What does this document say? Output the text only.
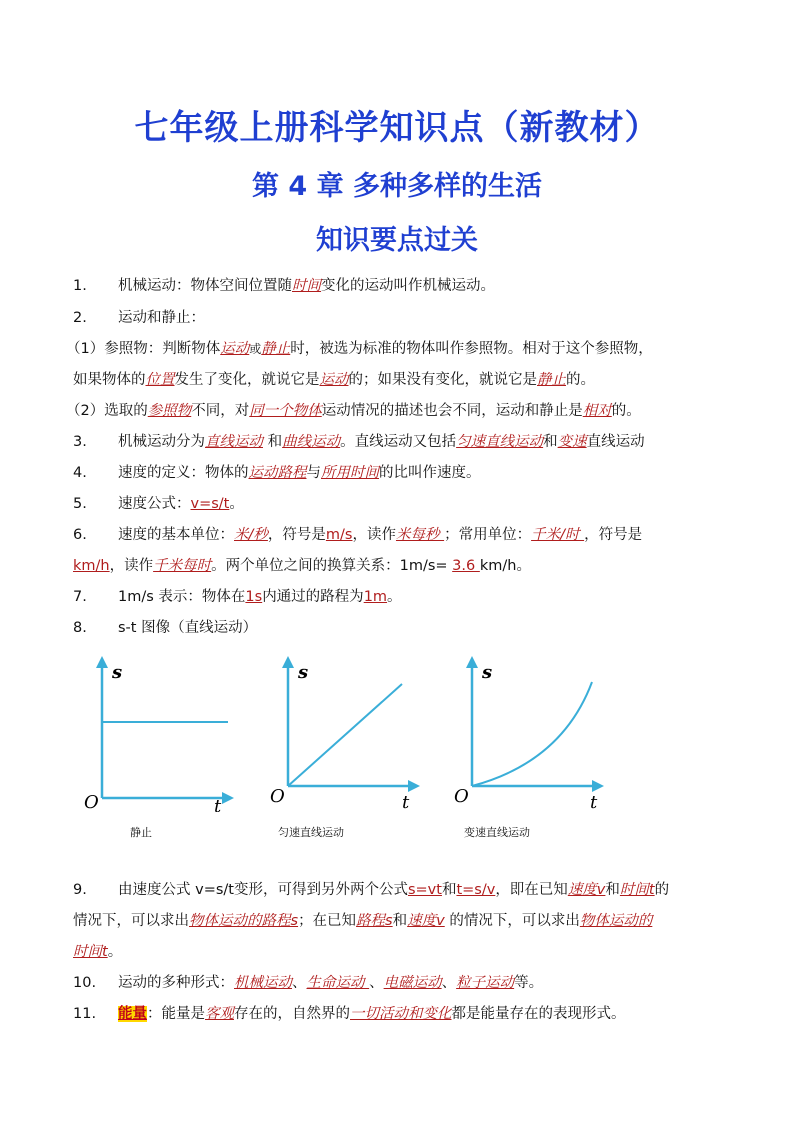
七年级上册科学知识点（新教材）
第 4 章 多种多样的生活
知识要点过关
1. 机械运动：物体空间位置随时间变化的运动叫作机械运动。
2. 运动和静止：
（1）参照物：判断物体运动或静止时，被选为标准的物体叫作参照物。相对于这个参照物，
如果物体的位置发生了变化，就说它是运动的；如果没有变化，就说它是静止的。
（2）选取的参照物不同，对同一个物体运动情况的描述也会不同，运动和静止是相对的。
3. 机械运动分为直线运动 和曲线运动。直线运动又包括匀速直线运动和变速直线运动
4. 速度的定义：物体的运动路程与所用时间的比叫作速度。
5. 速度公式：v=s/t。
6. 速度的基本单位：米/秒，符号是m/s，读作米每秒 ；常用单位：千米/时 ，符号是
km/h，读作千米每时。两个单位之间的换算关系：1m/s= 3.6 km/h。
7. 1m/s 表示：物体在1s内通过的路程为1m。
8. s-t 图像（直线运动）
s
O	t
静止
s
O	t
匀速直线运动
s
O	t
变速直线运动
9. 由速度公式 v=s/t变形，可得到另外两个公式s=vt和t=s/v，即在已知速度v和时间t的
情况下，可以求出物体运动的路程s；在已知路程s和速度v 的情况下，可以求出物体运动的
时间t。
10. 运动的多种形式：机械运动、生命运动 、电磁运动、粒子运动等。
11. 能量：能量是客观存在的，自然界的一切活动和变化都是能量存在的表现形式。
